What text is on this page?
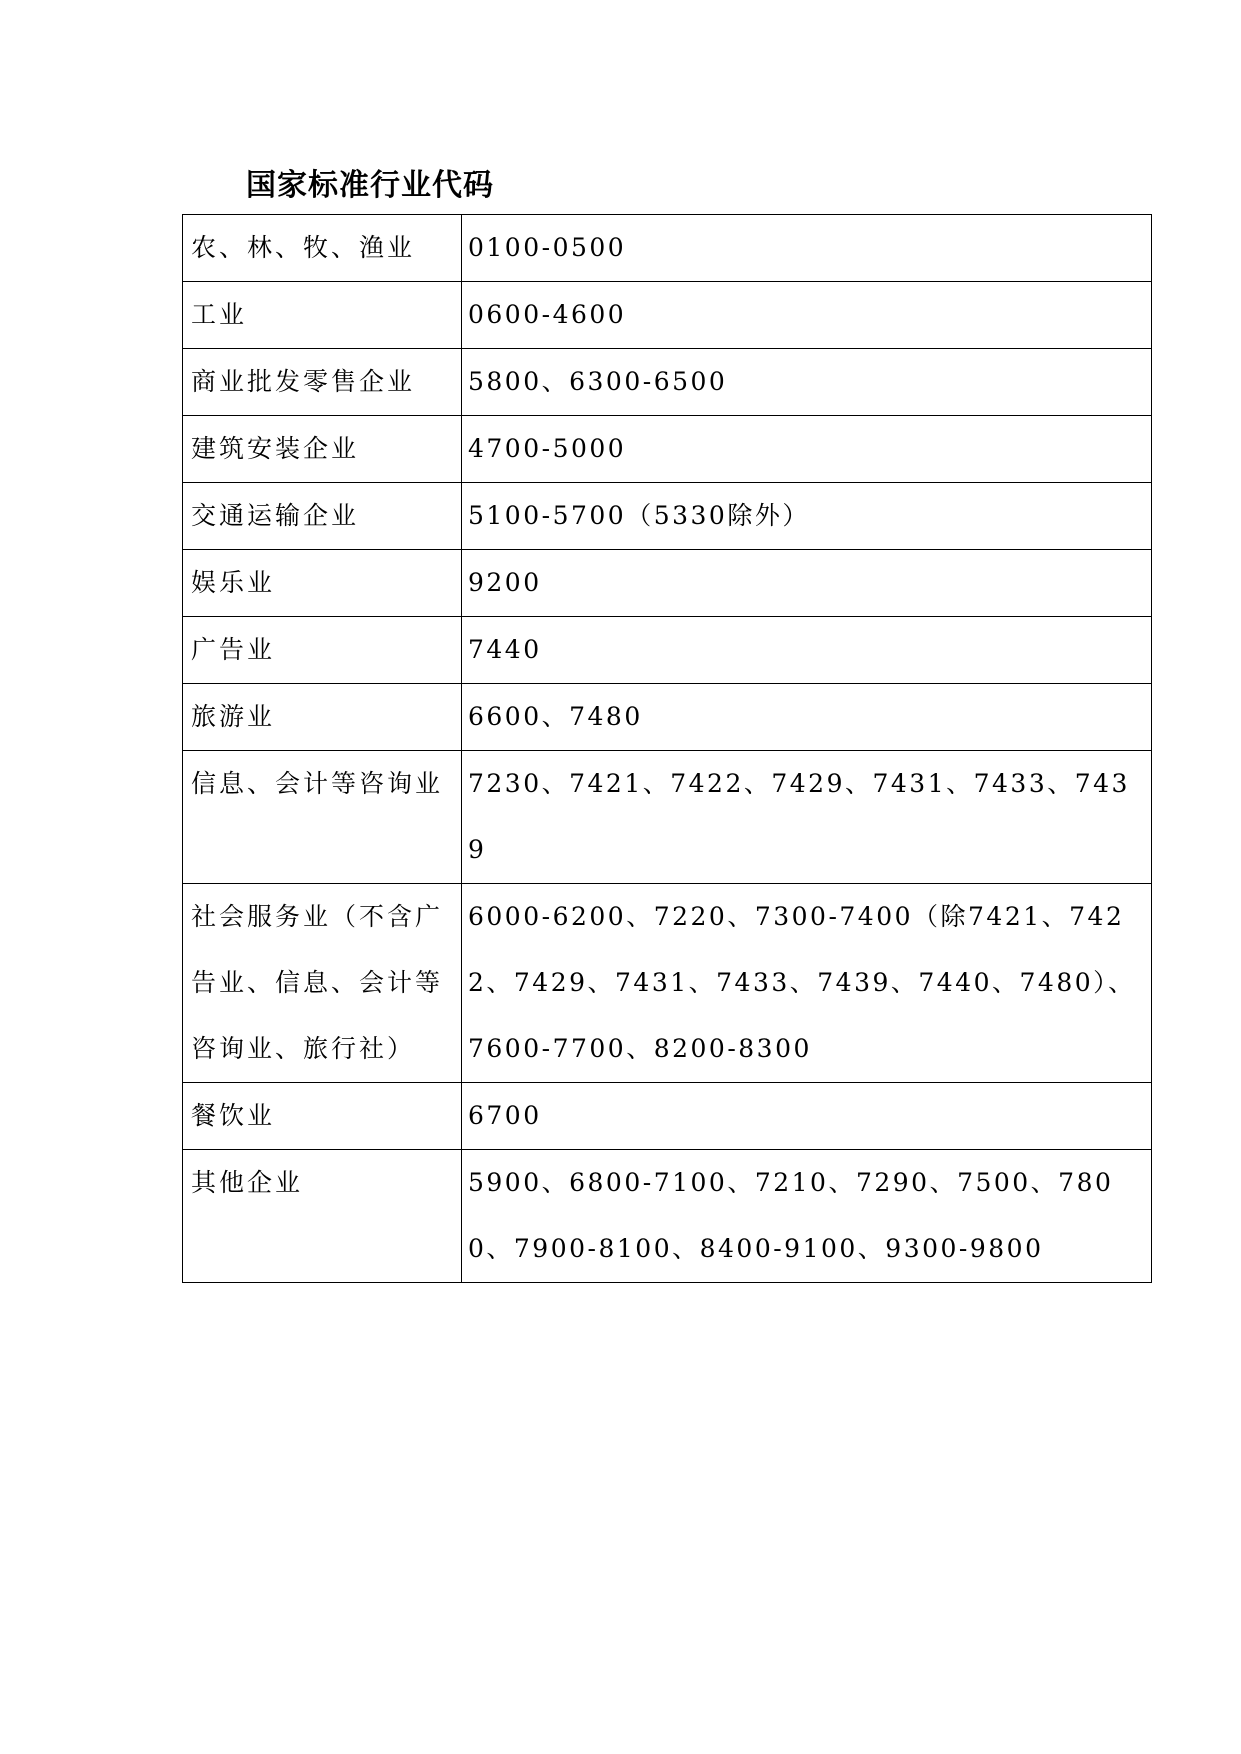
国家标准行业代码
农、林、牧、渔业	0100-0500
工业	0600-4600
商业批发零售企业	5800、6300-6500
建筑安装企业	4700-5000
交通运输企业	5100-5700（5330除外）
娱乐业	9200
广告业	7440
旅游业	6600、7480
信息、会计等咨询业	7230、7421、7422、7429、7431、7433、7439
社会服务业（不含广告业、信息、会计等咨询业、旅行社）	6000-6200、7220、7300-7400（除7421、7422、7429、7431、7433、7439、7440、7480）、7600-7700、8200-8300
餐饮业	6700
其他企业	5900、6800-7100、7210、7290、7500、7800、7900-8100、8400-9100、9300-9800
